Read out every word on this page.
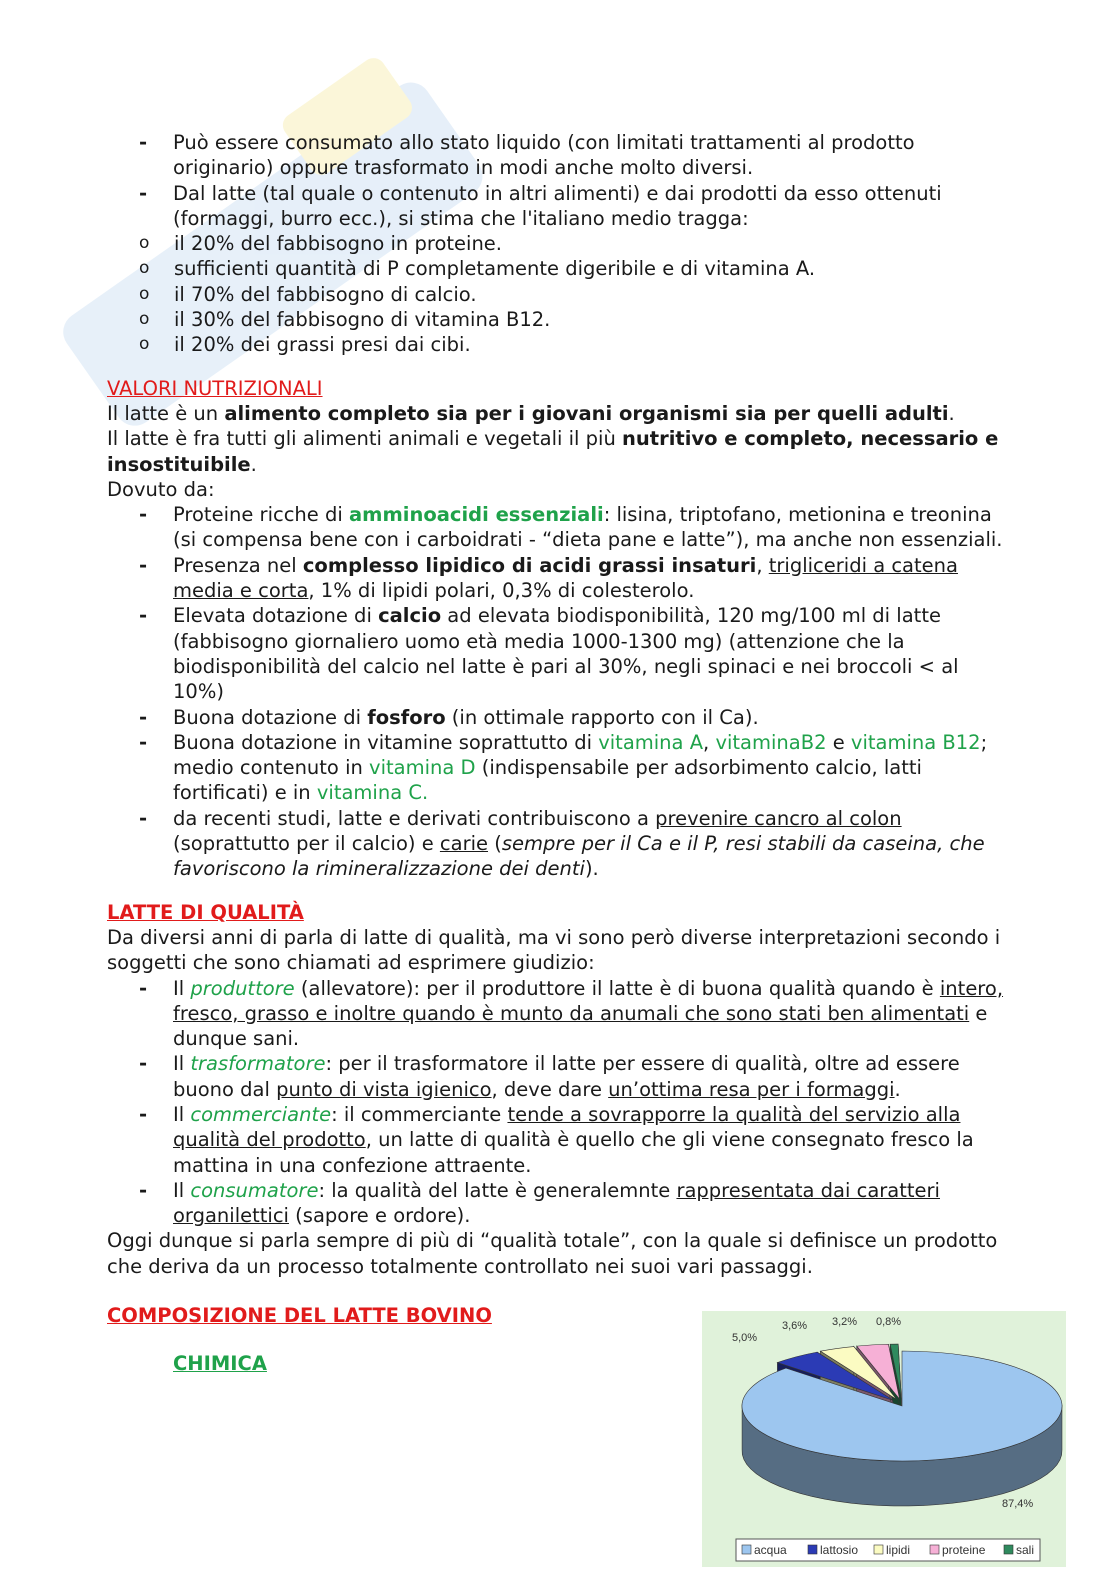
- Può essere consumato allo stato liquido (con limitati trattamenti al prodotto originario) oppure trasformato in modi anche molto diversi.
- Dal latte (tal quale o contenuto in altri alimenti) e dai prodotti da esso ottenuti (formaggi, burro ecc.), si stima che l'italiano medio tragga:
o il 20% del fabbisogno in proteine.
o sufficienti quantità di P completamente digeribile e di vitamina A.
o il 70% del fabbisogno di calcio.
o il 30% del fabbisogno di vitamina B12.
o il 20% dei grassi presi dai cibi.

VALORI NUTRIZIONALI

Il latte è un alimento completo sia per i giovani organismi sia per quelli adulti.

Il latte è fra tutti gli alimenti animali e vegetali il più nutritivo e completo, necessario e insostituibile.

Dovuto da:

- Proteine ricche di amminoacidi essenziali: lisina, triptofano, metionina e treonina (si compensa bene con i carboidrati - “dieta pane e latte”), ma anche non essenziali.
- Presenza nel complesso lipidico di acidi grassi insaturi, trigliceridi a catena media e corta, 1% di lipidi polari, 0,3% di colesterolo.
- Elevata dotazione di calcio ad elevata biodisponibilità, 120 mg/100 ml di latte (fabbisogno giornaliero uomo età media 1000-1300 mg) (attenzione che la biodisponibilità del calcio nel latte è pari al 30%, negli spinaci e nei broccoli < al 10%)
- Buona dotazione di fosforo (in ottimale rapporto con il Ca).
- Buona dotazione in vitamine soprattutto di vitamina A, vitaminaB2 e vitamina B12; medio contenuto in vitamina D (indispensabile per adsorbimento calcio, latti fortificati) e in vitamina C.
- da recenti studi, latte e derivati contribuiscono a prevenire cancro al colon (soprattutto per il calcio) e carie (sempre per il Ca e il P, resi stabili da caseina, che favoriscono la rimineralizzazione dei denti).

LATTE DI QUALITÀ

Da diversi anni di parla di latte di qualità, ma vi sono però diverse interpretazioni secondo i soggetti che sono chiamati ad esprimere giudizio:

- Il produttore (allevatore): per il produttore il latte è di buona qualità quando è intero, fresco, grasso e inoltre quando è munto da anumali che sono stati ben alimentati e dunque sani.
- Il trasformatore: per il trasformatore il latte per essere di qualità, oltre ad essere buono dal punto di vista igienico, deve dare un’ottima resa per i formaggi.
- Il commerciante: il commerciante tende a sovrapporre la qualità del servizio alla qualità del prodotto, un latte di qualità è quello che gli viene consegnato fresco la mattina in una confezione attraente.
- Il consumatore: la qualità del latte è generalemnte rappresentata dai caratteri organilettici (sapore e ordore).

Oggi dunque si parla sempre di più di “qualità totale”, con la quale si definisce un prodotto che deriva da un processo totalmente controllato nei suoi vari passaggi.

COMPOSIZIONE DEL LATTE BOVINO

CHIMICA

87,4%
5,0%
3,6% 3,2% 0,8%
acqua	lattosio lipidi	proteine	sali
